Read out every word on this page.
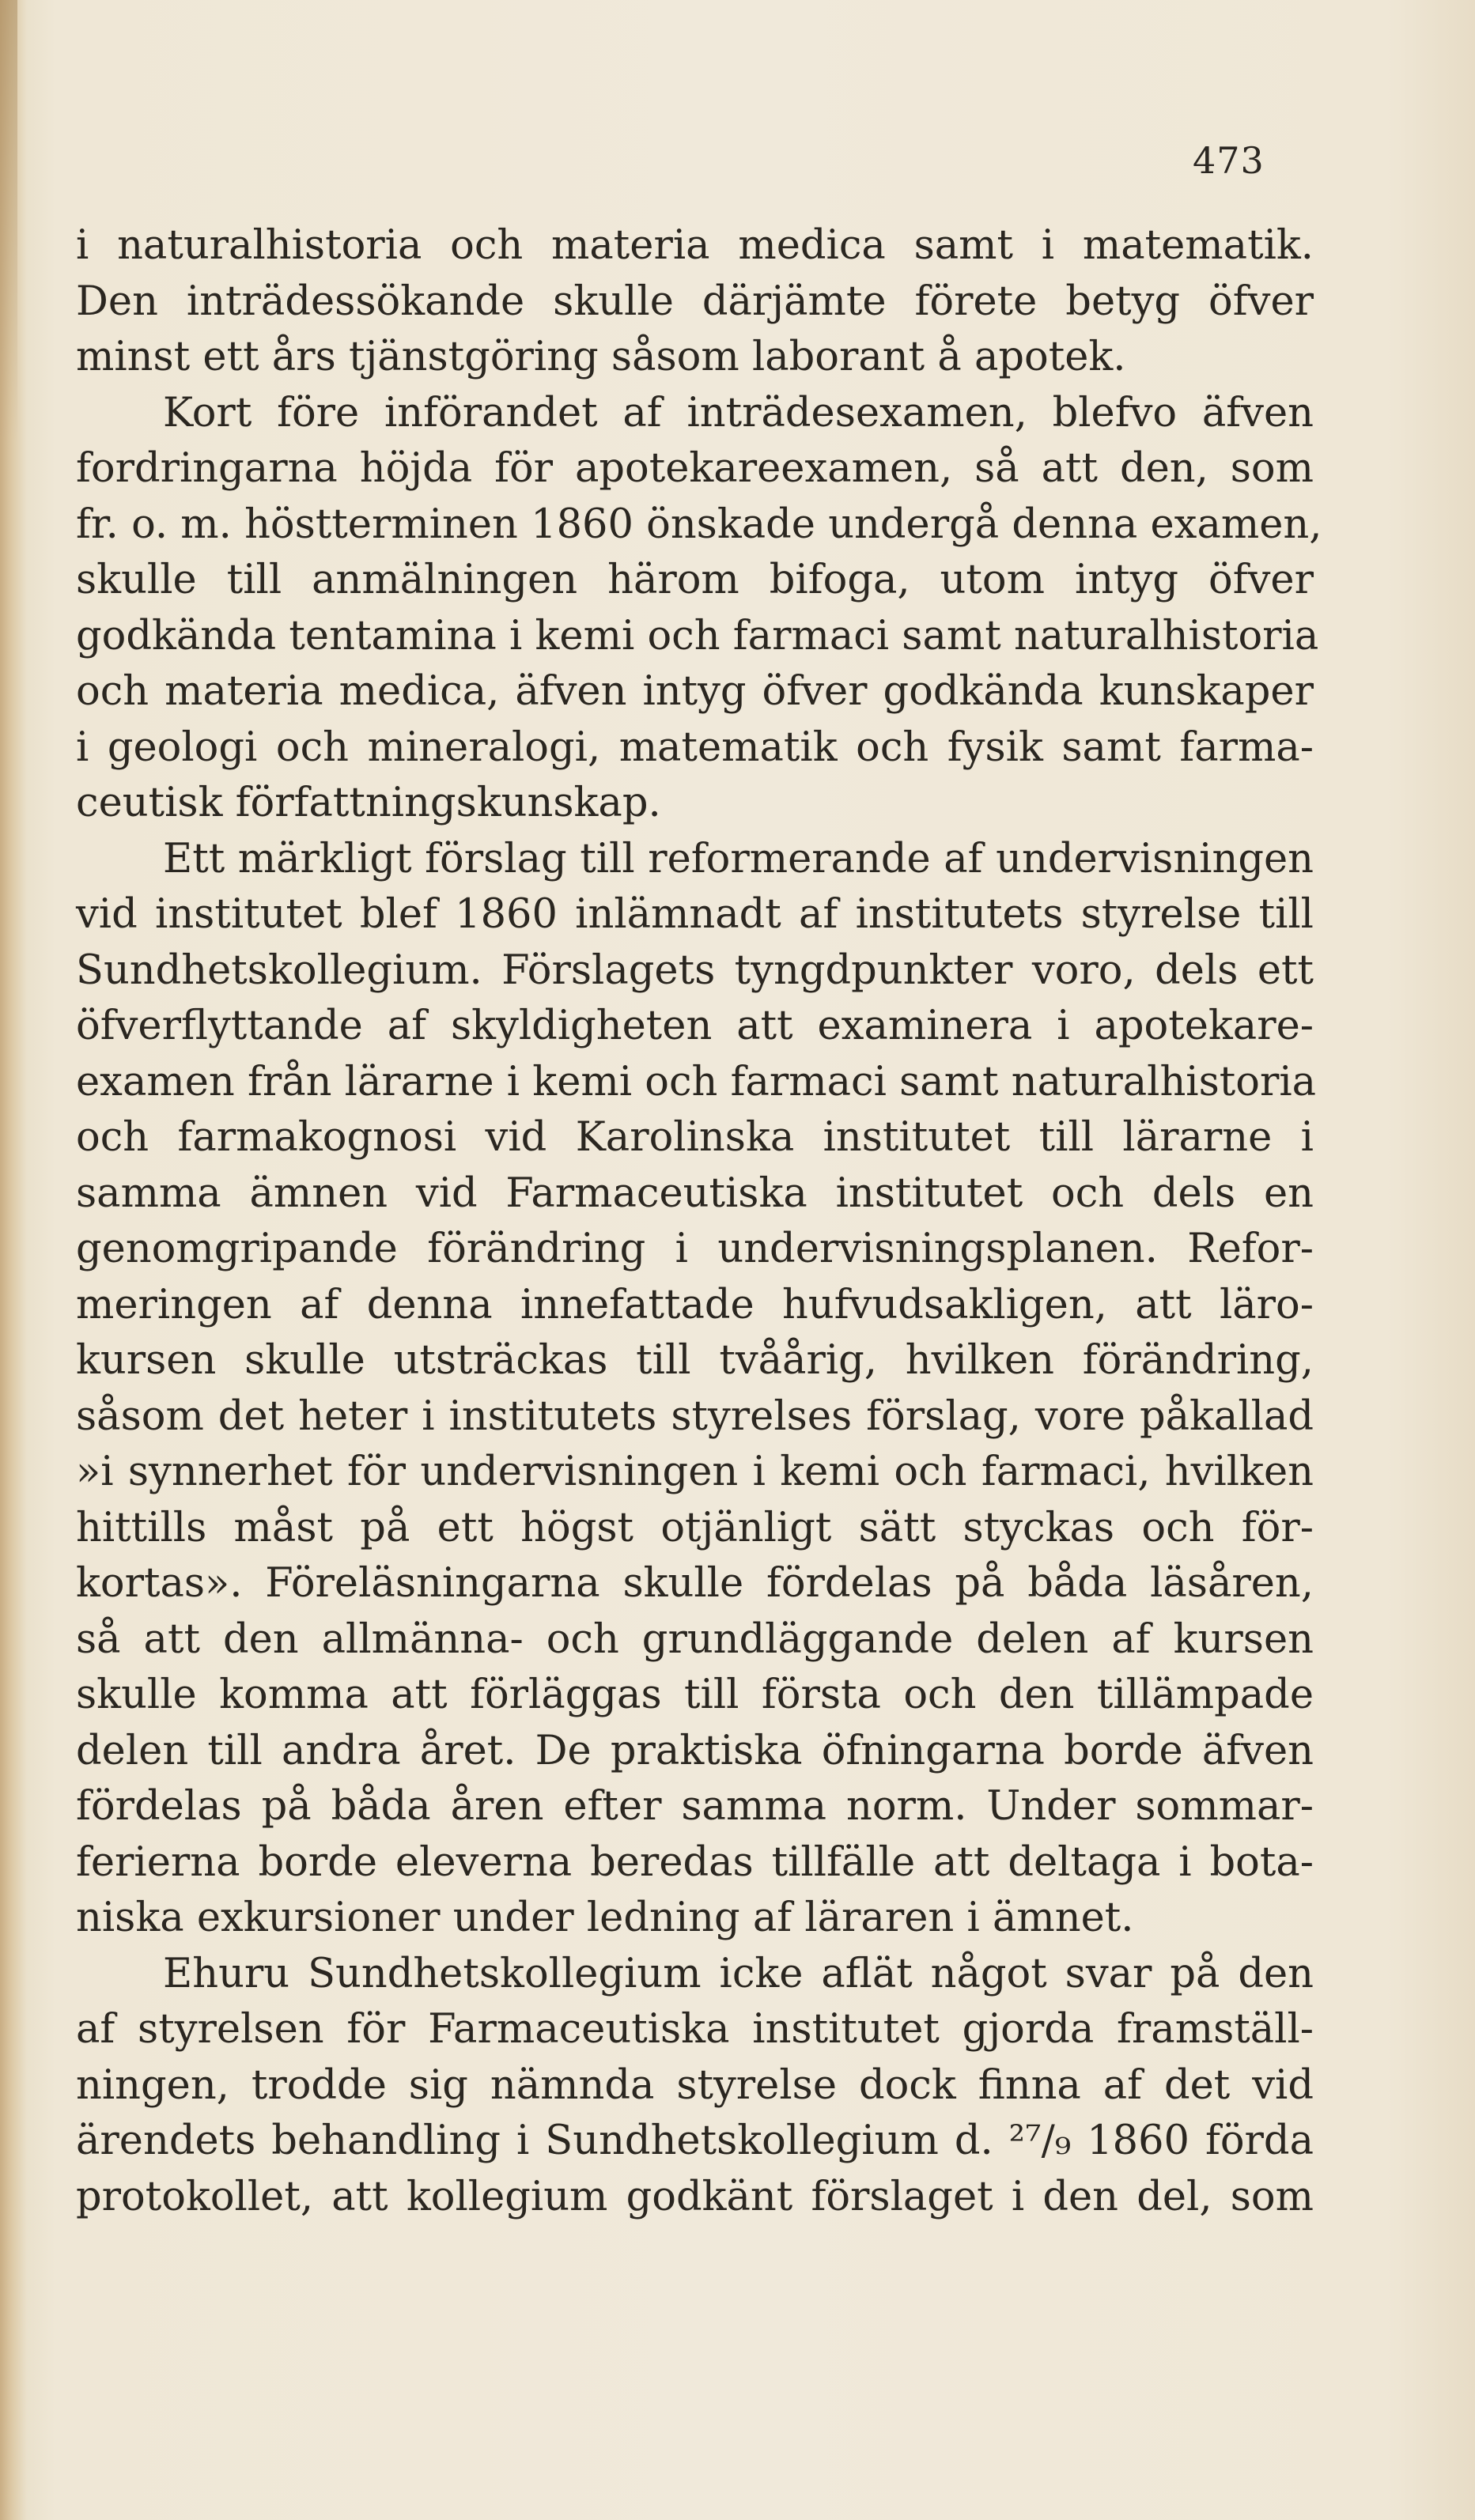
473
i naturalhistoria och materia medica samt i matematik.
Den inträdessökande skulle därjämte förete betyg öfver
minst ett års tjänstgöring såsom laborant å apotek.
Kort före införandet af inträdesexamen, blefvo äfven
fordringarna höjda för apotekareexamen, så att den, som
fr. o. m. höstterminen 1860 önskade undergå denna examen,
skulle till anmälningen härom bifoga, utom intyg öfver
godkända tentamina i kemi och farmaci samt naturalhistoria
och materia medica, äfven intyg öfver godkända kunskaper
i geologi och mineralogi, matematik och fysik samt farma-
ceutisk författningskunskap.
Ett märkligt förslag till reformerande af undervisningen
vid institutet blef 1860 inlämnadt af institutets styrelse till
Sundhetskollegium. Förslagets tyngdpunkter voro, dels ett
öfverflyttande af skyldigheten att examinera i apotekare-
examen från lärarne i kemi och farmaci samt naturalhistoria
och farmakognosi vid Karolinska institutet till lärarne i
samma ämnen vid Farmaceutiska institutet och dels en
genomgripande förändring i undervisningsplanen. Refor-
meringen af denna innefattade hufvudsakligen, att läro-
kursen skulle utsträckas till tvåårig, hvilken förändring,
såsom det heter i institutets styrelses förslag, vore påkallad
»i synnerhet för undervisningen i kemi och farmaci, hvilken
hittills måst på ett högst otjänligt sätt styckas och för-
kortas». Föreläsningarna skulle fördelas på båda läsåren,
så att den allmänna- och grundläggande delen af kursen
skulle komma att förläggas till första och den tillämpade
delen till andra året. De praktiska öfningarna borde äfven
fördelas på båda åren efter samma norm. Under sommar-
ferierna borde eleverna beredas tillfälle att deltaga i bota-
niska exkursioner under ledning af läraren i ämnet.
Ehuru Sundhetskollegium icke aflät något svar på den
af styrelsen för Farmaceutiska institutet gjorda framställ-
ningen, trodde sig nämnda styrelse dock finna af det vid
ärendets behandling i Sundhetskollegium d. ²⁷/₉ 1860 förda
protokollet, att kollegium godkänt förslaget i den del, som
